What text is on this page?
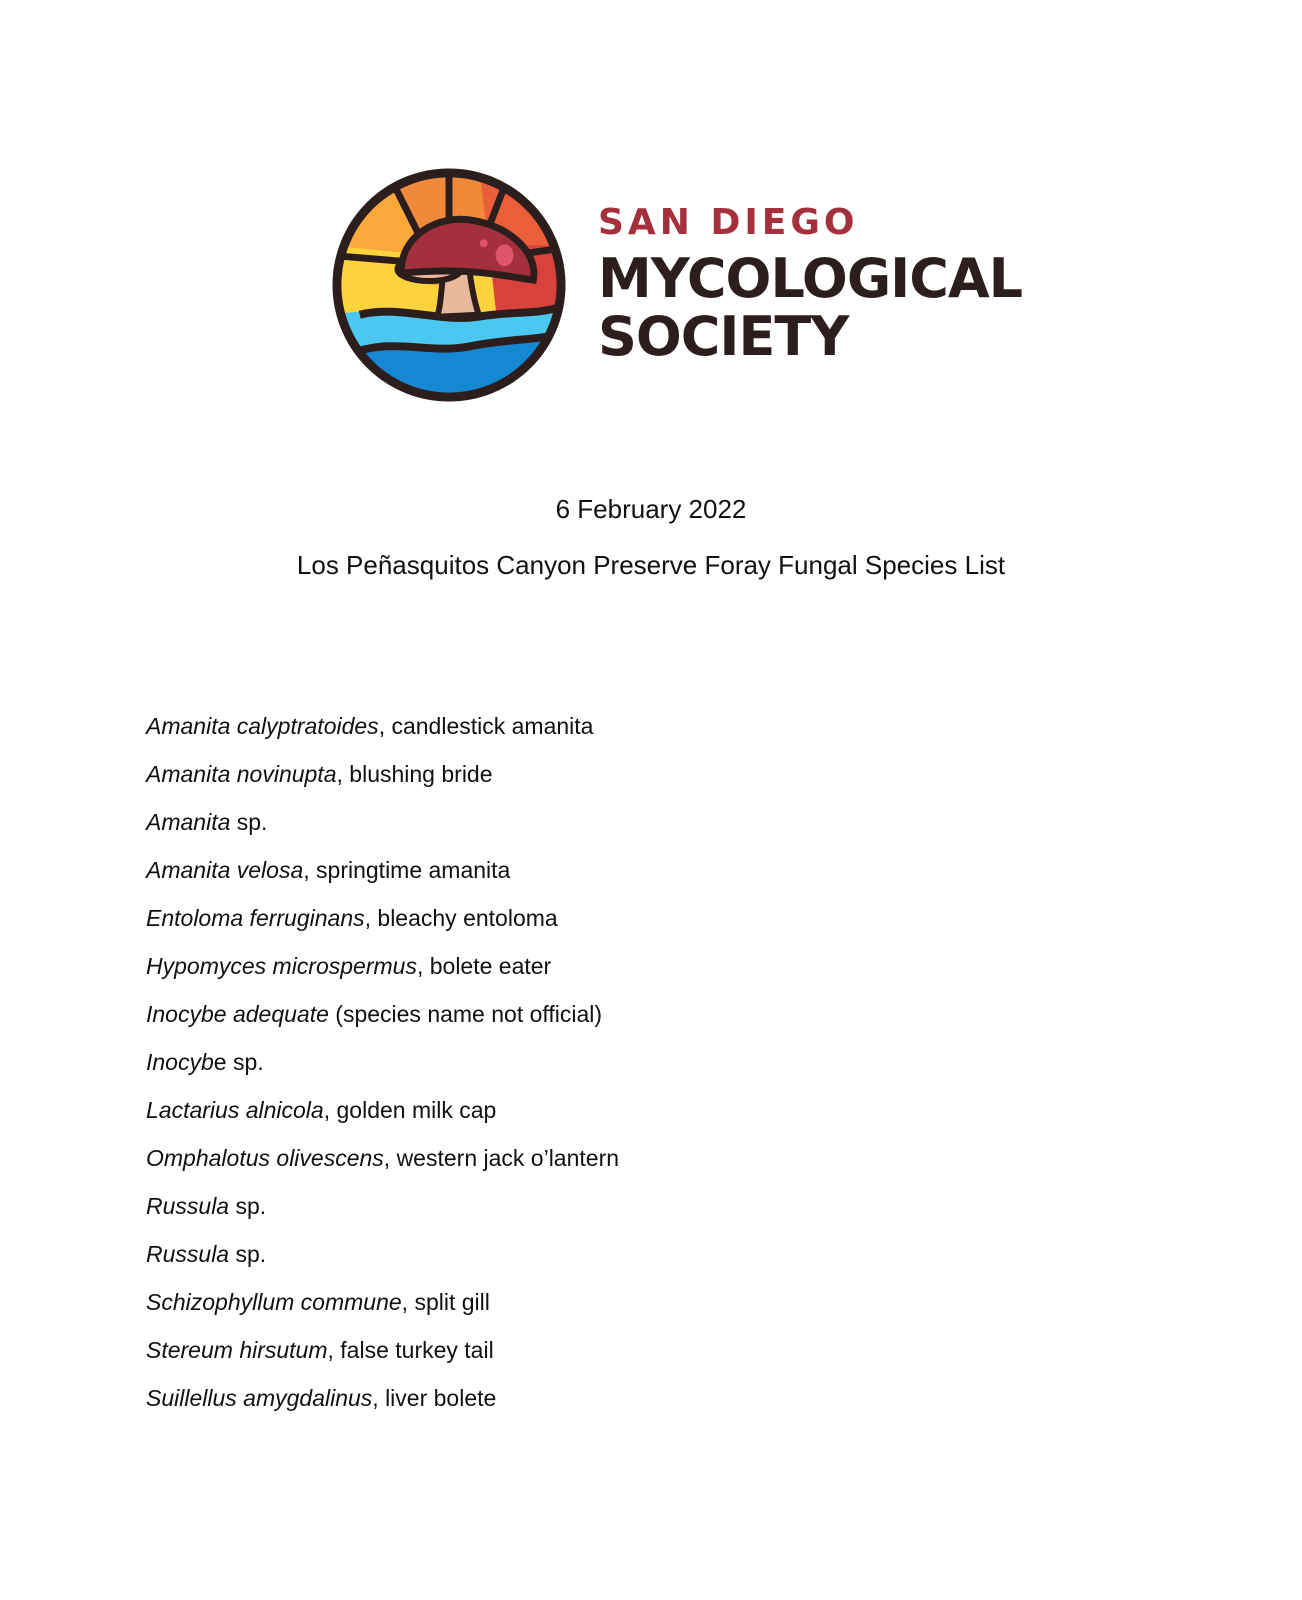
SAN DIEGO
MYCOLOGICAL
SOCIETY
6 February 2022
Los Peñasquitos Canyon Preserve Foray Fungal Species List
Amanita calyptratoides, candlestick amanita
Amanita novinupta, blushing bride
Amanita sp.
Amanita velosa, springtime amanita
Entoloma ferruginans, bleachy entoloma
Hypomyces microspermus, bolete eater
Inocybe adequate (species name not official)
Inocybe sp.
Lactarius alnicola, golden milk cap
Omphalotus olivescens, western jack o’lantern
Russula sp.
Russula sp.
Schizophyllum commune, split gill
Stereum hirsutum, false turkey tail
Suillellus amygdalinus, liver bolete
